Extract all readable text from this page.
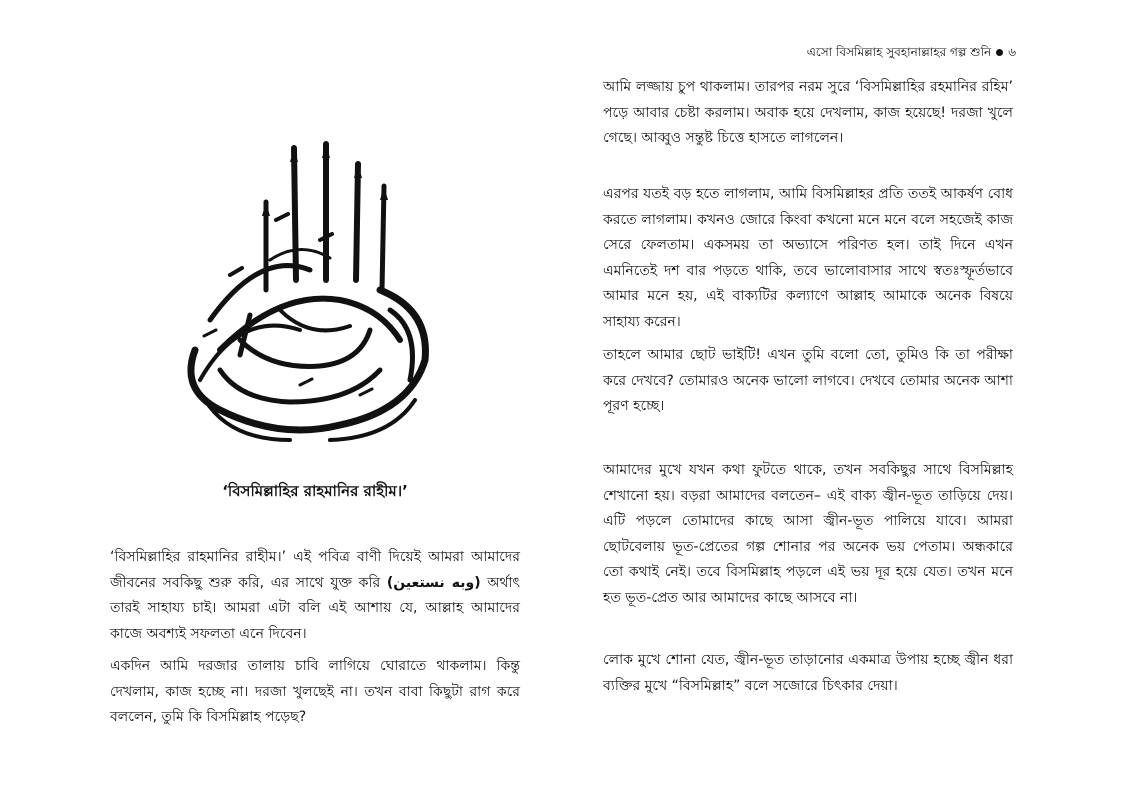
‘বিসমিল্লাহির রাহমানির রাহীম।’

‘বিসমিল্লাহির রাহমানির রাহীম।’ এই পবিত্র বাণী দিয়েই আমরা আমাদের জীবনের সবকিছু শুরু করি, এর সাথে যুক্ত করি (وبه نستعين) অর্থাৎ তারই সাহায্য চাই। আমরা এটা বলি এই আশায় যে, আল্লাহ আমাদের কাজে অবশ্যই সফলতা এনে দিবেন।

একদিন আমি দরজার তালায় চাবি লাগিয়ে ঘোরাতে থাকলাম। কিন্তু দেখলাম, কাজ হচ্ছে না। দরজা খুলছেই না। তখন বাবা কিছুটা রাগ করে বললেন, তুমি কি বিসমিল্লাহ পড়েছ?

এসো বিসমিল্লাহ সুবহানাল্লাহর গল্প শুনি ৬

আমি লজ্জায় চুপ থাকলাম। তারপর নরম সুরে ‘বিসমিল্লাহির রহমানির রহিম’ পড়ে আবার চেষ্টা করলাম। অবাক হয়ে দেখলাম, কাজ হয়েছে! দরজা খুলে গেছে। আব্বুও সন্তুষ্ট চিত্তে হাসতে লাগলেন।

এরপর যতই বড় হতে লাগলাম, আমি বিসমিল্লাহর প্রতি ততই আকর্ষণ বোধ করতে লাগলাম। কখনও জোরে কিংবা কখনো মনে মনে বলে সহজেই কাজ সেরে ফেলতাম। একসময় তা অভ্যাসে পরিণত হল। তাই দিনে এখন এমনিতেই দশ বার পড়তে থাকি, তবে ভালোবাসার সাথে স্বতঃস্ফূর্তভাবে আমার মনে হয়, এই বাক্যটির কল্যাণে আল্লাহ আমাকে অনেক বিষয়ে সাহায্য করেন।

তাহলে আমার ছোট ভাইটি! এখন তুমি বলো তো, তুমিও কি তা পরীক্ষা করে দেখবে? তোমারও অনেক ভালো লাগবে। দেখবে তোমার অনেক আশা পূরণ হচ্ছে।

আমাদের মুখে যখন কথা ফুটতে থাকে, তখন সবকিছুর সাথে বিসমিল্লাহ শেখানো হয়। বড়রা আমাদের বলতেন– এই বাক্য জ্বীন-ভূত তাড়িয়ে দেয়। এটি পড়লে তোমাদের কাছে আসা জ্বীন-ভূত পালিয়ে যাবে। আমরা ছোটবেলায় ভূত-প্রেতের গল্প শোনার পর অনেক ভয় পেতাম। অন্ধকারে তো কথাই নেই। তবে বিসমিল্লাহ পড়লে এই ভয় দূর হয়ে যেত। তখন মনে হত ভূত-প্রেত আর আমাদের কাছে আসবে না।

লোক মুখে শোনা যেত, জ্বীন-ভূত তাড়ানোর একমাত্র উপায় হচ্ছে জ্বীন ধরা ব্যক্তির মুখে “বিসমিল্লাহ” বলে সজোরে চিৎকার দেয়া।
